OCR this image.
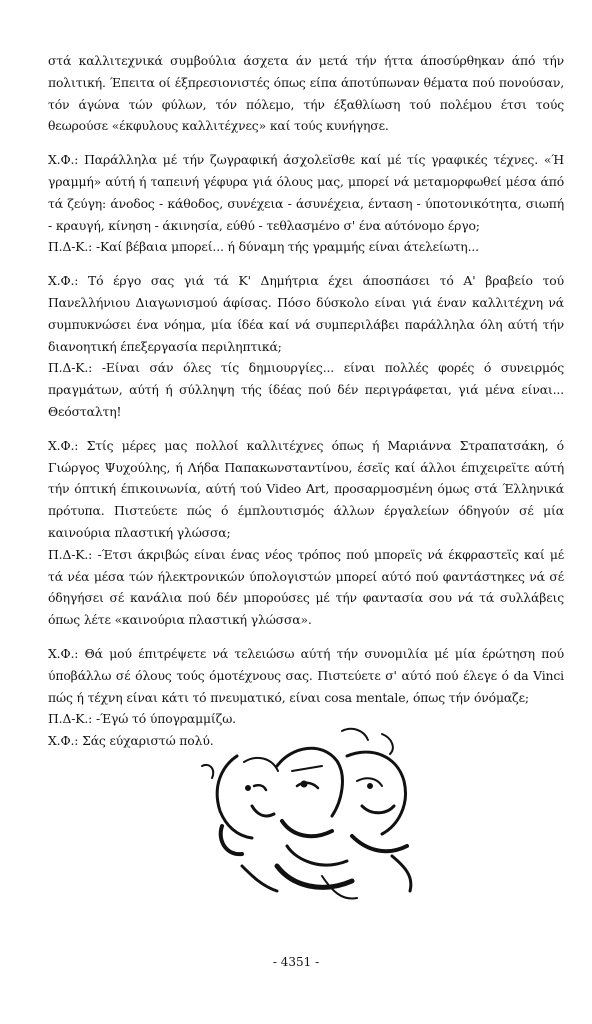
στά καλλιτεχνικά συμβούλια άσχετα άν μετά τήν ήττα άποσύρθηκαν άπό τήν πολιτική. Έπειτα οί έξπρεσιονιστές όπως είπα άποτύπωναν θέματα πού πονούσαν, τόν άγώνα τών φύλων, τόν πόλεμο, τήν έξαθλίωση τού πολέμου έτσι τούς θεωρούσε «έκφυλους καλλιτέχνες» καί τούς κυνήγησε.

Χ.Φ.: Παράλληλα μέ τήν ζωγραφική άσχολεϊσθε καί μέ τίς γραφικές τέχνες. «Ή γραμμή» αύτή ή ταπεινή γέφυρα γιά όλους μας, μπορεί νά μεταμορφωθεί μέσα άπό τά ζεύγη: άνοδος - κάθοδος, συνέχεια - άσυνέχεια, ένταση - ύποτονικότητα, σιωπή - κραυγή, κίνηση - άκινησία, εύθύ - τεθλασμένο σ' ένα αύτόνομο έργο;

Π.Δ-Κ.: -Καί βέβαια μπορεί... ή δύναμη τής γραμμής είναι άτελείωτη...

Χ.Φ.: Τό έργο σας γιά τά Κ' Δημήτρια έχει άποσπάσει τό Α' βραβείο τού Πανελλήνιου Διαγωνισμού άφίσας. Πόσο δύσκολο είναι γιά έναν καλλιτέχνη νά συμπυκνώσει ένα νόημα, μία ίδέα καί νά συμπεριλάβει παράλληλα όλη αύτή τήν διανοητική έπεξεργασία περιληπτικά;

Π.Δ-Κ.: -Είναι σάν όλες τίς δημιουργίες... είναι πολλές φορές ό συνειρμός πραγμάτων, αύτή ή σύλληψη τής ίδέας πού δέν περιγράφεται, γιά μένα είναι... Θεόσταλτη!

Χ.Φ.: Στίς μέρες μας πολλοί καλλιτέχνες όπως ή Μαριάννα Στραπατσάκη, ό Γιώργος Ψυχούλης, ή Λήδα Παπακωνσταντίνου, έσεϊς καί άλλοι έπιχειρεϊτε αύτή τήν όπτική έπικοινωνία, αύτή τού Video Art, προσαρμοσμένη όμως στά Έλληνικά πρότυπα. Πιστεύετε πώς ό έμπλουτισμός άλλων έργαλείων όδηγούν σέ μία καινούρια πλαστική γλώσσα;

Π.Δ-Κ.: -Έτσι άκριβώς είναι ένας νέος τρόπος πού μπορεϊς νά έκφραστεϊς καί μέ τά νέα μέσα τών ήλεκτρονικών ύπολογιστών μπορεί αύτό πού φαντάστηκες νά σέ όδηγήσει σέ κανάλια πού δέν μπορούσες μέ τήν φαντασία σου νά τά συλλάβεις όπως λέτε «καινούρια πλαστική γλώσσα».

Χ.Φ.: Θά μού έπιτρέψετε νά τελειώσω αύτή τήν συνομιλία μέ μία έρώτηση πού ύποβάλλω σέ όλους τούς όμοτέχνους σας. Πιστεύετε σ' αύτό πού έλεγε ό da Vinci πώς ή τέχνη είναι κάτι τό πνευματικό, είναι cosa mentale, όπως τήν όνόμαζε;

Π.Δ-Κ.: -Έγώ τό ύπογραμμίζω.

Χ.Φ.: Σάς εύχαριστώ πολύ.

- 4351 -
